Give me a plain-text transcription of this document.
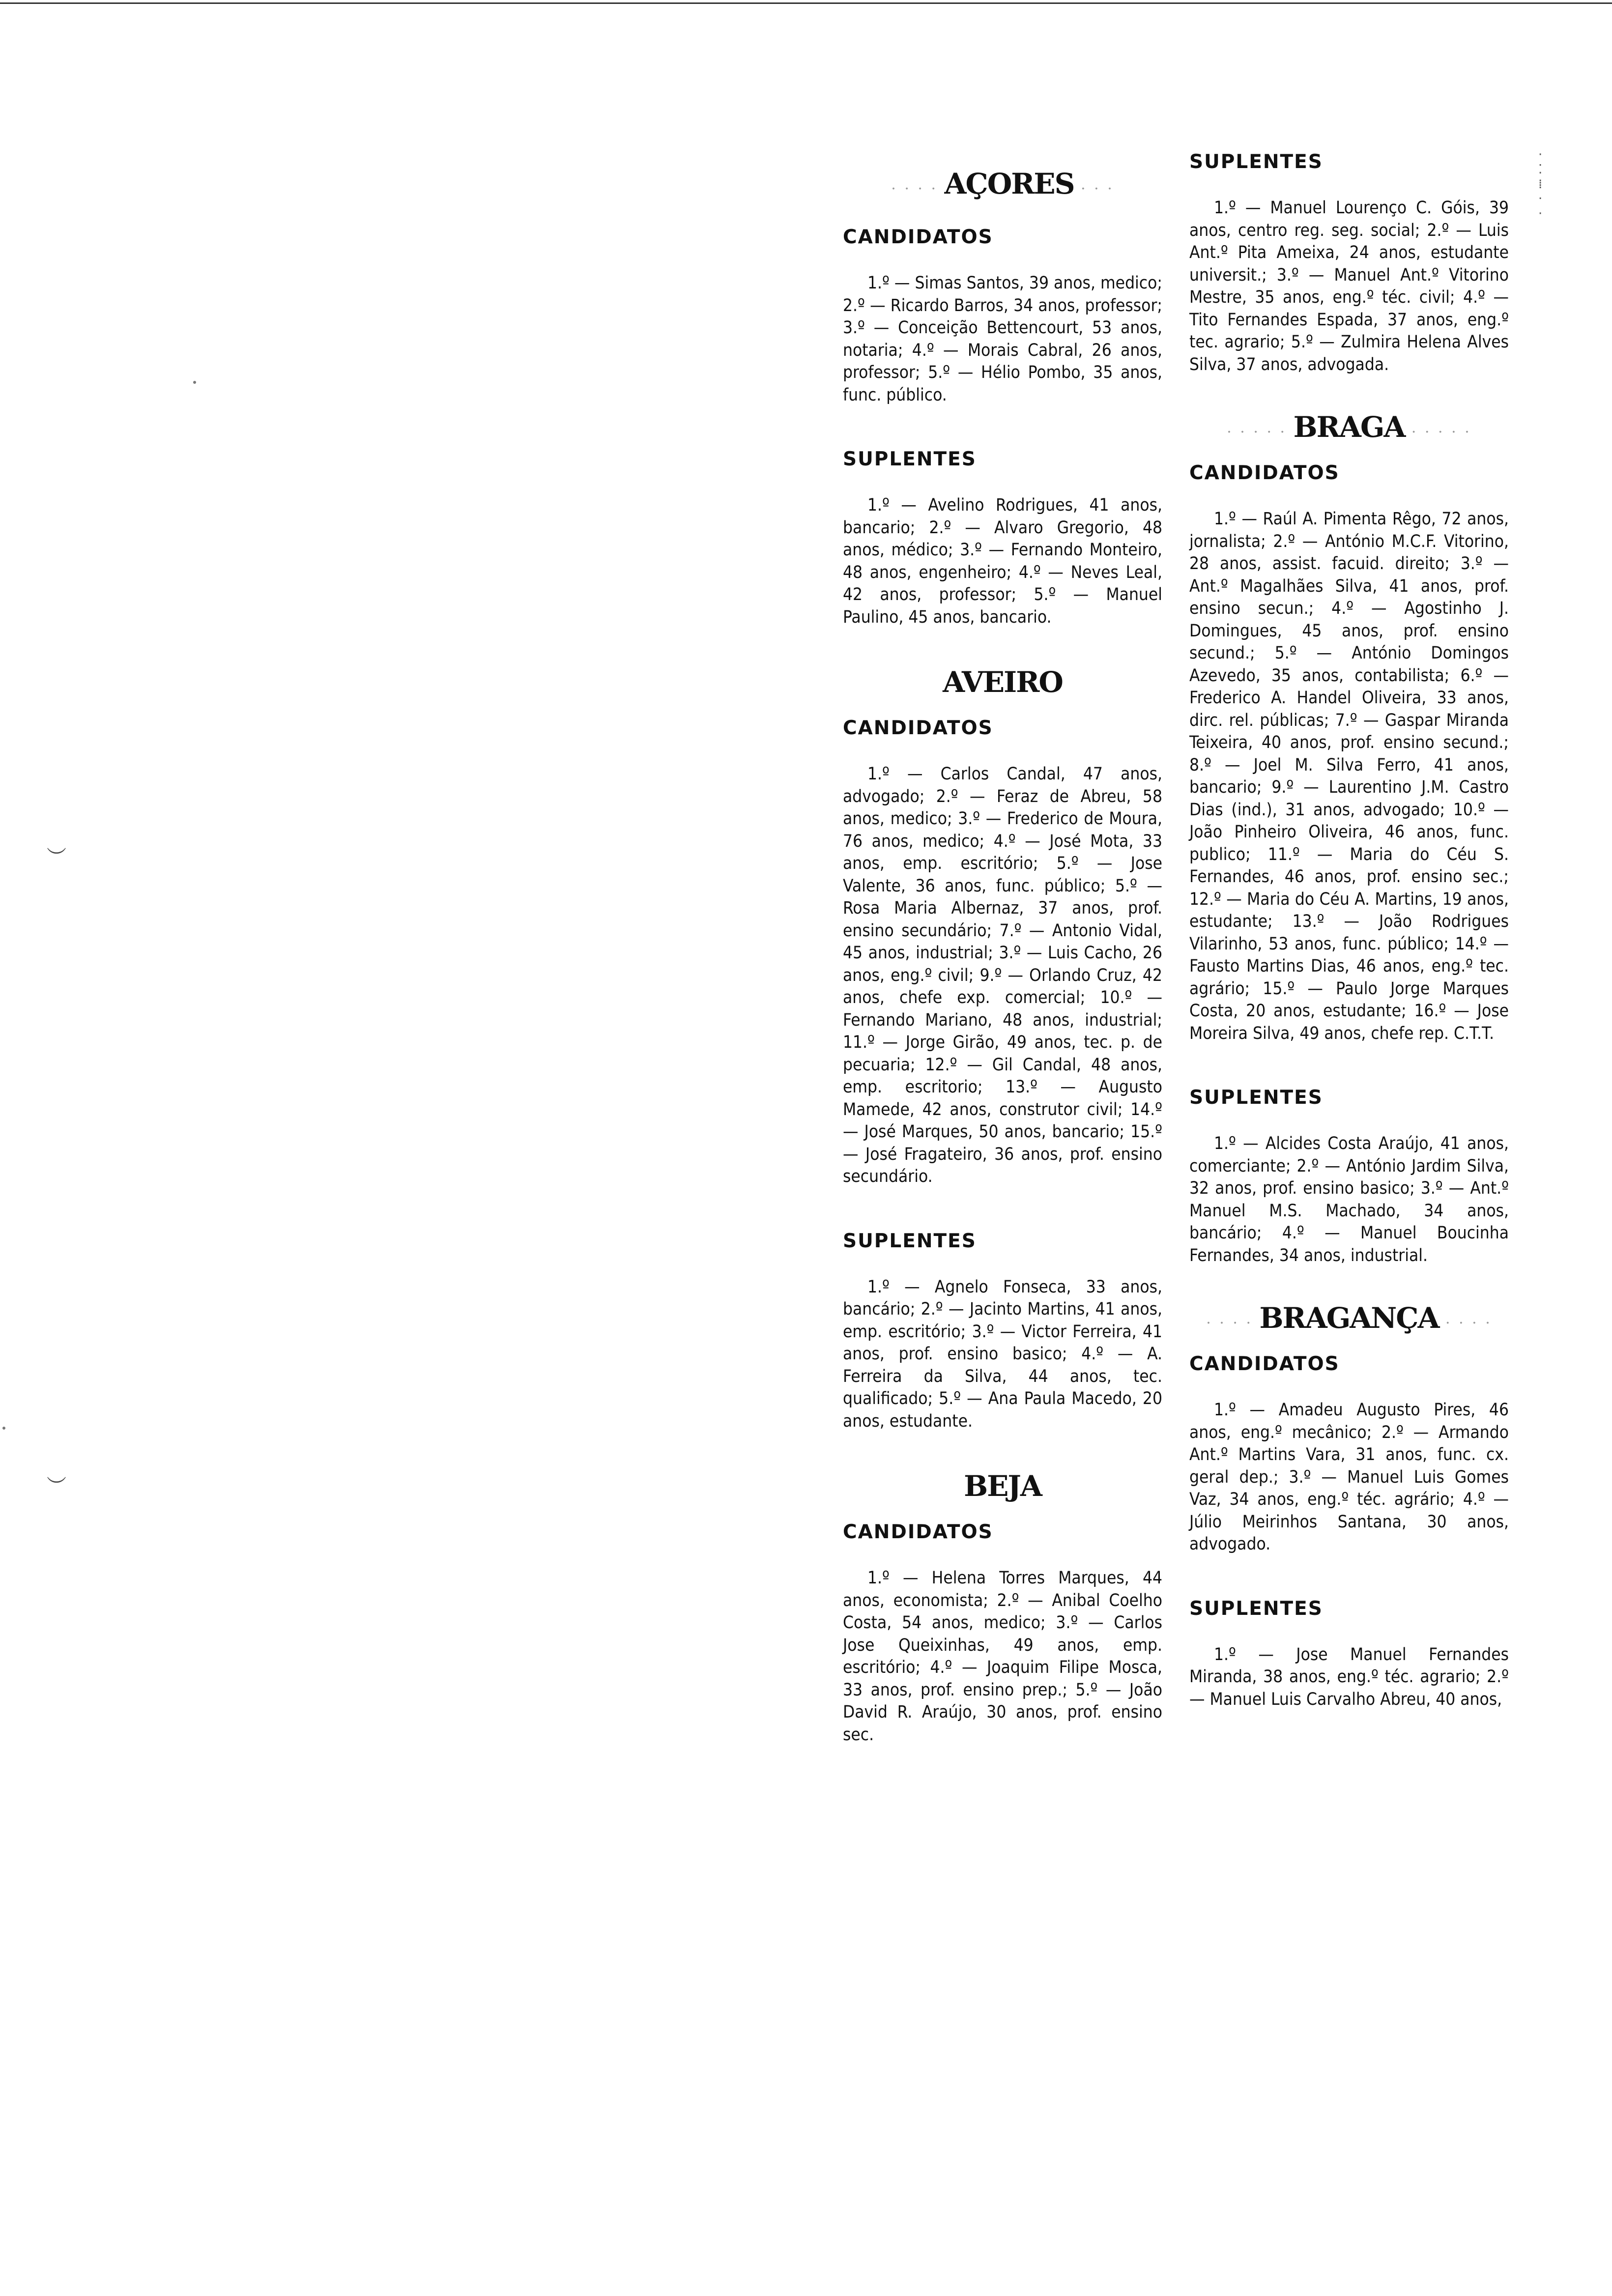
︶
︶
·
⁚
⁞
‧
·
· · · · AÇORES · · ·
CANDIDATOS

1.º — Simas Santos, 39 anos, medico; 2.º — Ricardo Barros, 34 anos, professor; 3.º — Conceição Bettencourt, 53 anos, notaria; 4.º — Morais Cabral, 26 anos, professor; 5.º — Hélio Pombo, 35 anos, func. público.

SUPLENTES

1.º — Avelino Rodrigues, 41 anos, bancario; 2.º — Alvaro Gregorio, 48 anos, médico; 3.º — Fernando Monteiro, 48 anos, engenheiro; 4.º — Neves Leal, 42 anos, professor; 5.º — Manuel Paulino, 45 anos, bancario.

AVEIRO
CANDIDATOS

1.º — Carlos Candal, 47 anos, advogado; 2.º — Feraz de Abreu, 58 anos, medico; 3.º — Frederico de Moura, 76 anos, medico; 4.º — José Mota, 33 anos, emp. escritório; 5.º — Jose Valente, 36 anos, func. público; 5.º — Rosa Maria Albernaz, 37 anos, prof. ensino secundário; 7.º — Antonio Vidal, 45 anos, industrial; 3.º — Luis Cacho, 26 anos, eng.º civil; 9.º — Orlando Cruz, 42 anos, chefe exp. comercial; 10.º — Fernando Mariano, 48 anos, industrial; 11.º — Jorge Girão, 49 anos, tec. p. de pecuaria; 12.º — Gil Candal, 48 anos, emp. escritorio; 13.º — Augusto Mamede, 42 anos, construtor civil; 14.º — José Marques, 50 anos, bancario; 15.º — José Fragateiro, 36 anos, prof. ensino secundário.

SUPLENTES

1.º — Agnelo Fonseca, 33 anos, bancário; 2.º — Jacinto Martins, 41 anos, emp. escritório; 3.º — Victor Ferreira, 41 anos, prof. ensino basico; 4.º — A. Ferreira da Silva, 44 anos, tec. qualificado; 5.º — Ana Paula Macedo, 20 anos, estudante.

BEJA
CANDIDATOS

1.º — Helena Torres Marques, 44 anos, economista; 2.º — Anibal Coelho Costa, 54 anos, medico; 3.º — Carlos Jose Queixinhas, 49 anos, emp. escritório; 4.º — Joaquim Filipe Mosca, 33 anos, prof. ensino prep.; 5.º — João David R. Araújo, 30 anos, prof. ensino sec.

SUPLENTES

1.º — Manuel Lourenço C. Góis, 39 anos, centro reg. seg. social; 2.º — Luis Ant.º Pita Ameixa, 24 anos, estudante universit.; 3.º — Manuel Ant.º Vitorino Mestre, 35 anos, eng.º téc. civil; 4.º — Tito Fernandes Espada, 37 anos, eng.º tec. agrario; 5.º — Zulmira Helena Alves Silva, 37 anos, advogada.

· · · · · BRAGA · · · · ·
CANDIDATOS

1.º — Raúl A. Pimenta Rêgo, 72 anos, jornalista; 2.º — António M.C.F. Vitorino, 28 anos, assist. facuid. direito; 3.º — Ant.º Magalhães Silva, 41 anos, prof. ensino secun.; 4.º — Agostinho J. Domingues, 45 anos, prof. ensino secund.; 5.º — António Domingos Azevedo, 35 anos, contabilista; 6.º — Frederico A. Handel Oliveira, 33 anos, dirc. rel. públicas; 7.º — Gaspar Miranda Teixeira, 40 anos, prof. ensino secund.; 8.º — Joel M. Silva Ferro, 41 anos, bancario; 9.º — Laurentino J.M. Castro Dias (ind.), 31 anos, advogado; 10.º — João Pinheiro Oliveira, 46 anos, func. publico; 11.º — Maria do Céu S. Fernandes, 46 anos, prof. ensino sec.; 12.º — Maria do Céu A. Martins, 19 anos, estudante; 13.º — João Rodrigues Vilarinho, 53 anos, func. público; 14.º — Fausto Martins Dias, 46 anos, eng.º tec. agrário; 15.º — Paulo Jorge Marques Costa, 20 anos, estudante; 16.º — Jose Moreira Silva, 49 anos, chefe rep. C.T.T.

SUPLENTES

1.º — Alcides Costa Araújo, 41 anos, comerciante; 2.º — António Jardim Silva, 32 anos, prof. ensino basico; 3.º — Ant.º Manuel M.S. Machado, 34 anos, bancário; 4.º — Manuel Boucinha Fernandes, 34 anos, industrial.

· · · · BRAGANÇA · · · ·
CANDIDATOS

1.º — Amadeu Augusto Pires, 46 anos, eng.º mecânico; 2.º — Armando Ant.º Martins Vara, 31 anos, func. cx. geral dep.; 3.º — Manuel Luis Gomes Vaz, 34 anos, eng.º téc. agrário; 4.º — Júlio Meirinhos Santana, 30 anos, advogado.

SUPLENTES

1.º — Jose Manuel Fernandes Miranda, 38 anos, eng.º téc. agrario; 2.º — Manuel Luis Carvalho Abreu, 40 anos,
